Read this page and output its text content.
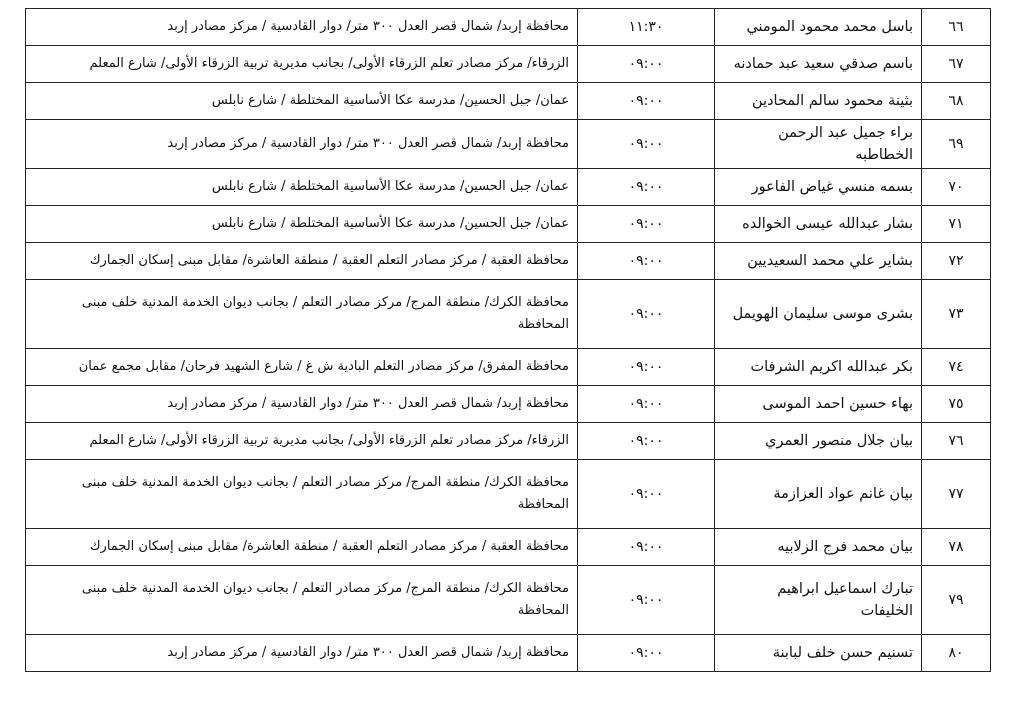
٦٦	باسل محمد محمود المومني	١١:٣٠	محافظة إربد/ شمال قصر العدل ٣٠٠ متر/ دوار القادسية / مركز مصادر إربد
٦٧	باسم صدقي سعيد عبد حمادنه	٠٩:٠٠	الزرقاء/ مركز مصادر تعلم الزرقاء الأولى/ بجانب مديرية تربية الزرقاء الأولى/ شارع المعلم
٦٨	بثينة محمود سالم المحادين	٠٩:٠٠	عمان/ جبل الحسين/ مدرسة عكا الأساسية المختلطة / شارع نابلس
٦٩	براء جميل عبد الرحمن الخطاطبه	٠٩:٠٠	محافظة إربد/ شمال قصر العدل ٣٠٠ متر/ دوار القادسية / مركز مصادر إربد
٧٠	بسمه منسي غياض الفاعور	٠٩:٠٠	عمان/ جبل الحسين/ مدرسة عكا الأساسية المختلطة / شارع نابلس
٧١	بشار عبدالله عيسى الخوالده	٠٩:٠٠	عمان/ جبل الحسين/ مدرسة عكا الأساسية المختلطة / شارع نابلس
٧٢	بشاير علي محمد السعيديين	٠٩:٠٠	محافظة العقبة / مركز مصادر التعلم العقبة / منطقة العاشرة/ مقابل مبنى إسكان الجمارك
٧٣	بشرى موسى سليمان الهويمل	٠٩:٠٠	محافظة الكرك/ منطقة المرج/ مركز مصادر التعلم / بجانب ديوان الخدمة المدنية خلف مبنى المحافظة
٧٤	بكر عبدالله اكريم الشرفات	٠٩:٠٠	محافظة المفرق/ مركز مصادر التعلم البادية ش غ / شارع الشهيد فرحان/ مقابل مجمع عمان
٧٥	بهاء حسين احمد الموسى	٠٩:٠٠	محافظة إربد/ شمال قصر العدل ٣٠٠ متر/ دوار القادسية / مركز مصادر إربد
٧٦	بيان جلال منصور العمري	٠٩:٠٠	الزرقاء/ مركز مصادر تعلم الزرقاء الأولى/ بجانب مديرية تربية الزرقاء الأولى/ شارع المعلم
٧٧	بيان غانم عواد العزازمة	٠٩:٠٠	محافظة الكرك/ منطقة المرج/ مركز مصادر التعلم / بجانب ديوان الخدمة المدنية خلف مبنى المحافظة
٧٨	بيان محمد فرج الزلابيه	٠٩:٠٠	محافظة العقبة / مركز مصادر التعلم العقبة / منطقة العاشرة/ مقابل مبنى إسكان الجمارك
٧٩	تبارك اسماعيل ابراهيم الخليفات	٠٩:٠٠	محافظة الكرك/ منطقة المرج/ مركز مصادر التعلم / بجانب ديوان الخدمة المدنية خلف مبنى المحافظة
٨٠	تسنيم حسن خلف لبابنة	٠٩:٠٠	محافظة إربد/ شمال قصر العدل ٣٠٠ متر/ دوار القادسية / مركز مصادر إربد
